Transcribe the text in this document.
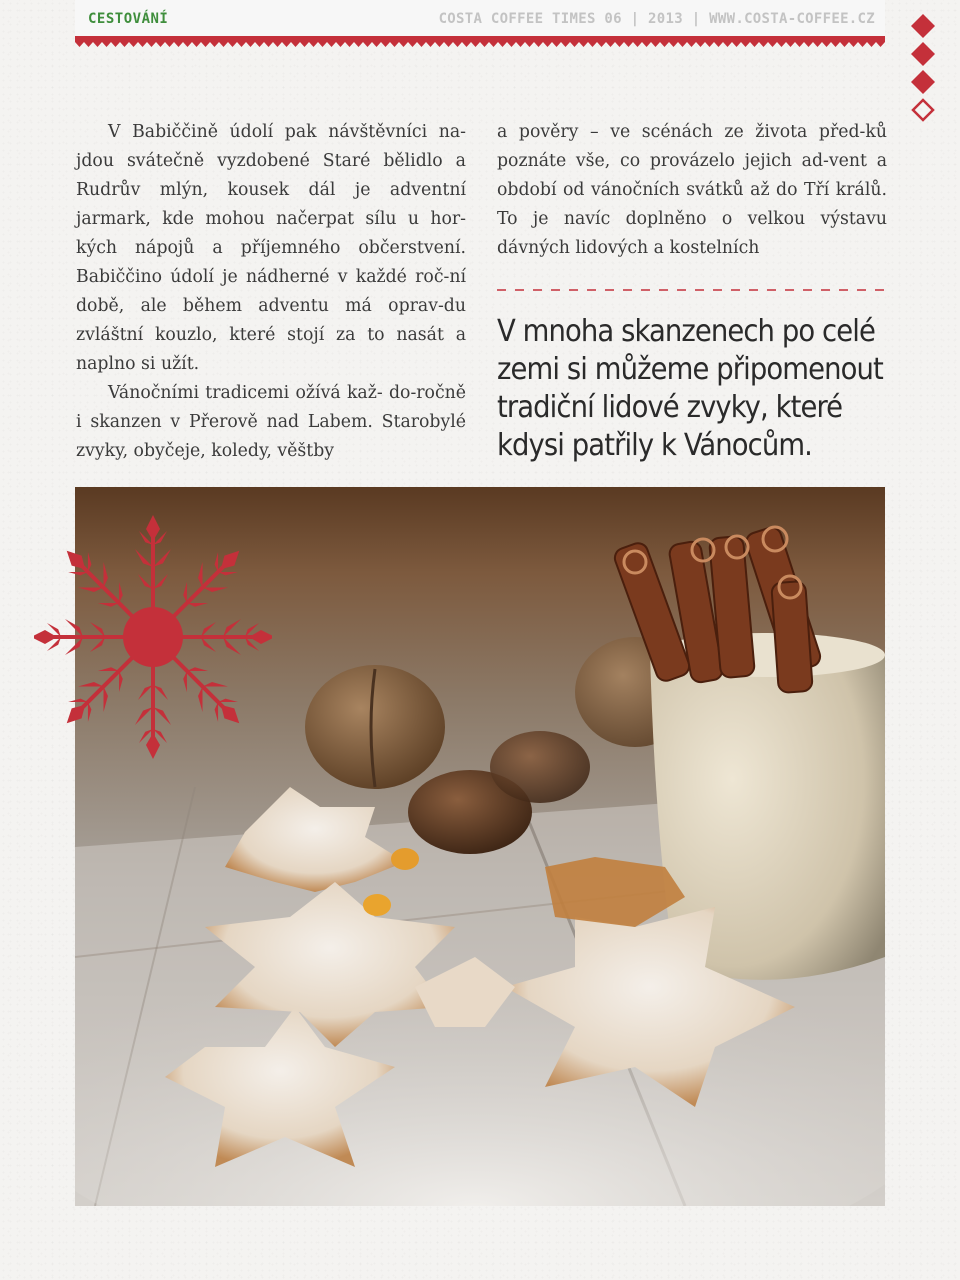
CESTOVÁNÍ	COSTA COFFEE TIMES 06 | 2013 | WWW.COSTA-COFFEE.CZ

V Babiččině údolí pak návštěvníci na-jdou svátečně vyzdobené Staré bělidlo a Rudrův mlýn, kousek dál je adventní jarmark, kde mohou načerpat sílu u hor-kých nápojů a příjemného občerstvení. Babiččino údolí je nádherné v každé roč-ní době, ale během adventu má oprav-du zvláštní kouzlo, které stojí za to nasát a naplno si užít.

Vánočními tradicemi ožívá kaž- do-ročně i skanzen v Přerově nad Labem. Starobylé zvyky, obyčeje, koledy, věštby

a pověry – ve scénách ze života před-ků poznáte vše, co provázelo jejich ad-vent a období od vánočních svátků až do Tří králů. To je navíc doplněno o velkou výstavu dávných lidových a kostelních

V mnoha skanzenech po celé zemi si můžeme připomenout tradiční lidové zvyky, které kdysi patřily k Vánocům.
